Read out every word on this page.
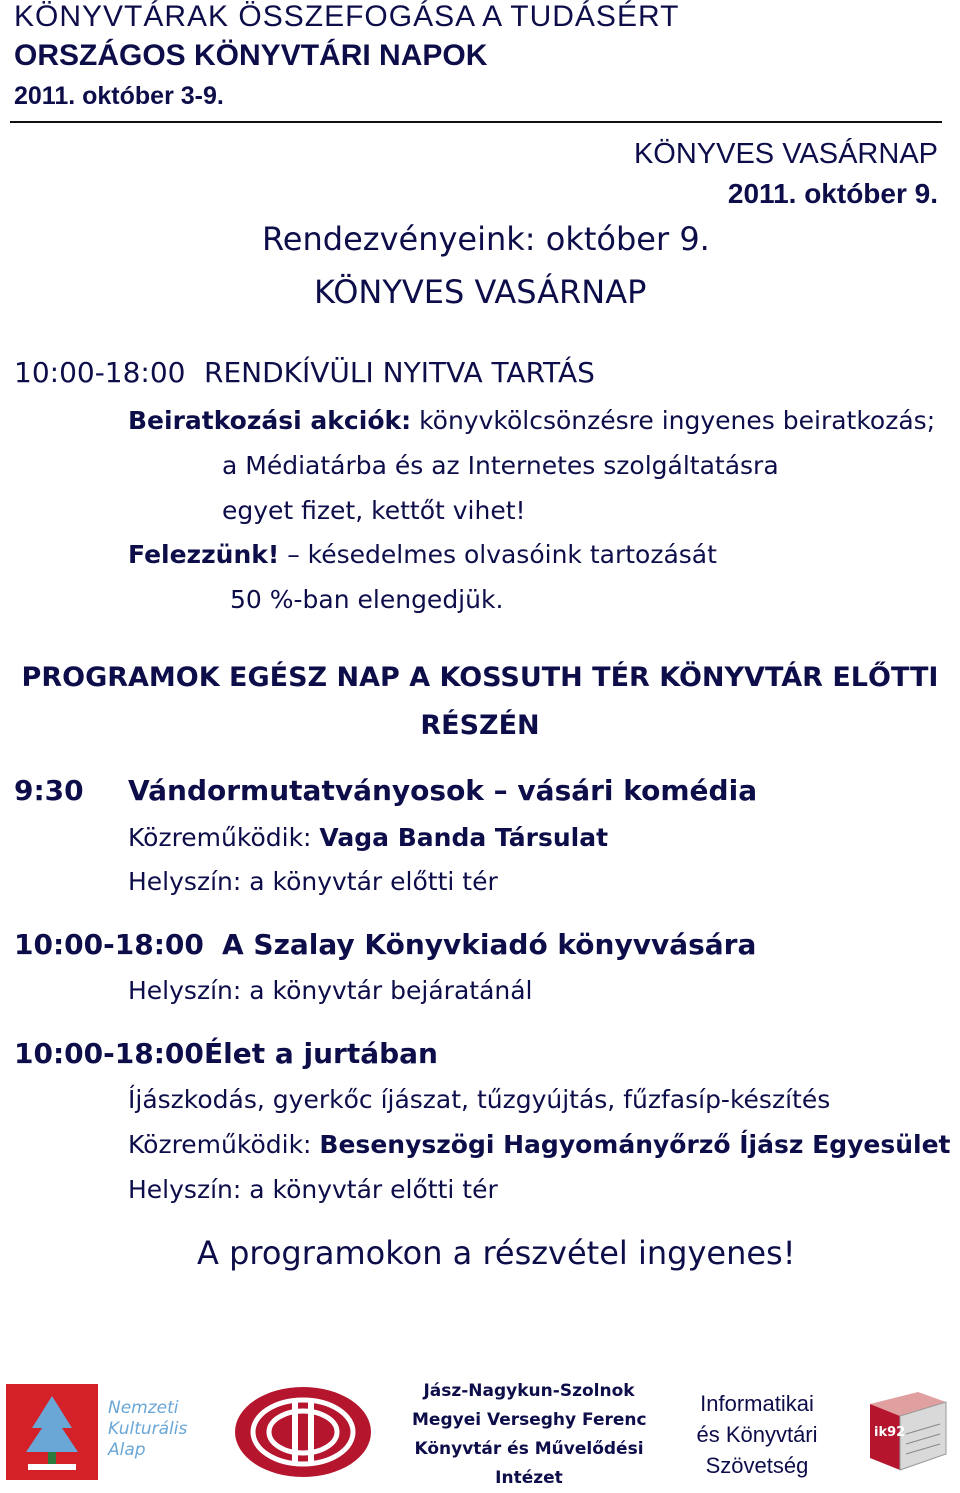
KÖNYVTÁRAK ÖSSZEFOGÁSA A TUDÁSÉRT
ORSZÁGOS KÖNYVTÁRI NAPOK
2011. október 3-9.
KÖNYVES VASÁRNAP
2011. október 9.
Rendezvényeink: október 9.
KÖNYVES VASÁRNAP
10:00-18:00 RENDKÍVÜLI NYITVA TARTÁS
Beiratkozási akciók: könyvkölcsönzésre ingyenes beiratkozás;
a Médiatárba és az Internetes szolgáltatásra
egyet fizet, kettőt vihet!
Felezzünk! – késedelmes olvasóink tartozását
50 %-ban elengedjük.
PROGRAMOK EGÉSZ NAP A KOSSUTH TÉR KÖNYVTÁR ELŐTTI
RÉSZÉN
9:30 Vándormutatványosok – vásári komédia
Közreműködik: Vaga Banda Társulat
Helyszín: a könyvtár előtti tér
10:00-18:00 A Szalay Könyvkiadó könyvvására
Helyszín: a könyvtár bejáratánál
10:00-18:00 Élet a jurtában
Íjászkodás, gyerkőc íjászat, tűzgyújtás, fűzfasíp-készítés
Közreműködik: Besenyszögi Hagyományőrző Íjász Egyesület
Helyszín: a könyvtár előtti tér
A programokon a részvétel ingyenes!
Nemzeti
Kulturális
Alap
Jász-Nagykun-Szolnok
Megyei Verseghy Ferenc
Könyvtár és Művelődési
Intézet
Informatikai
és Könyvtári
Szövetség
ik92
